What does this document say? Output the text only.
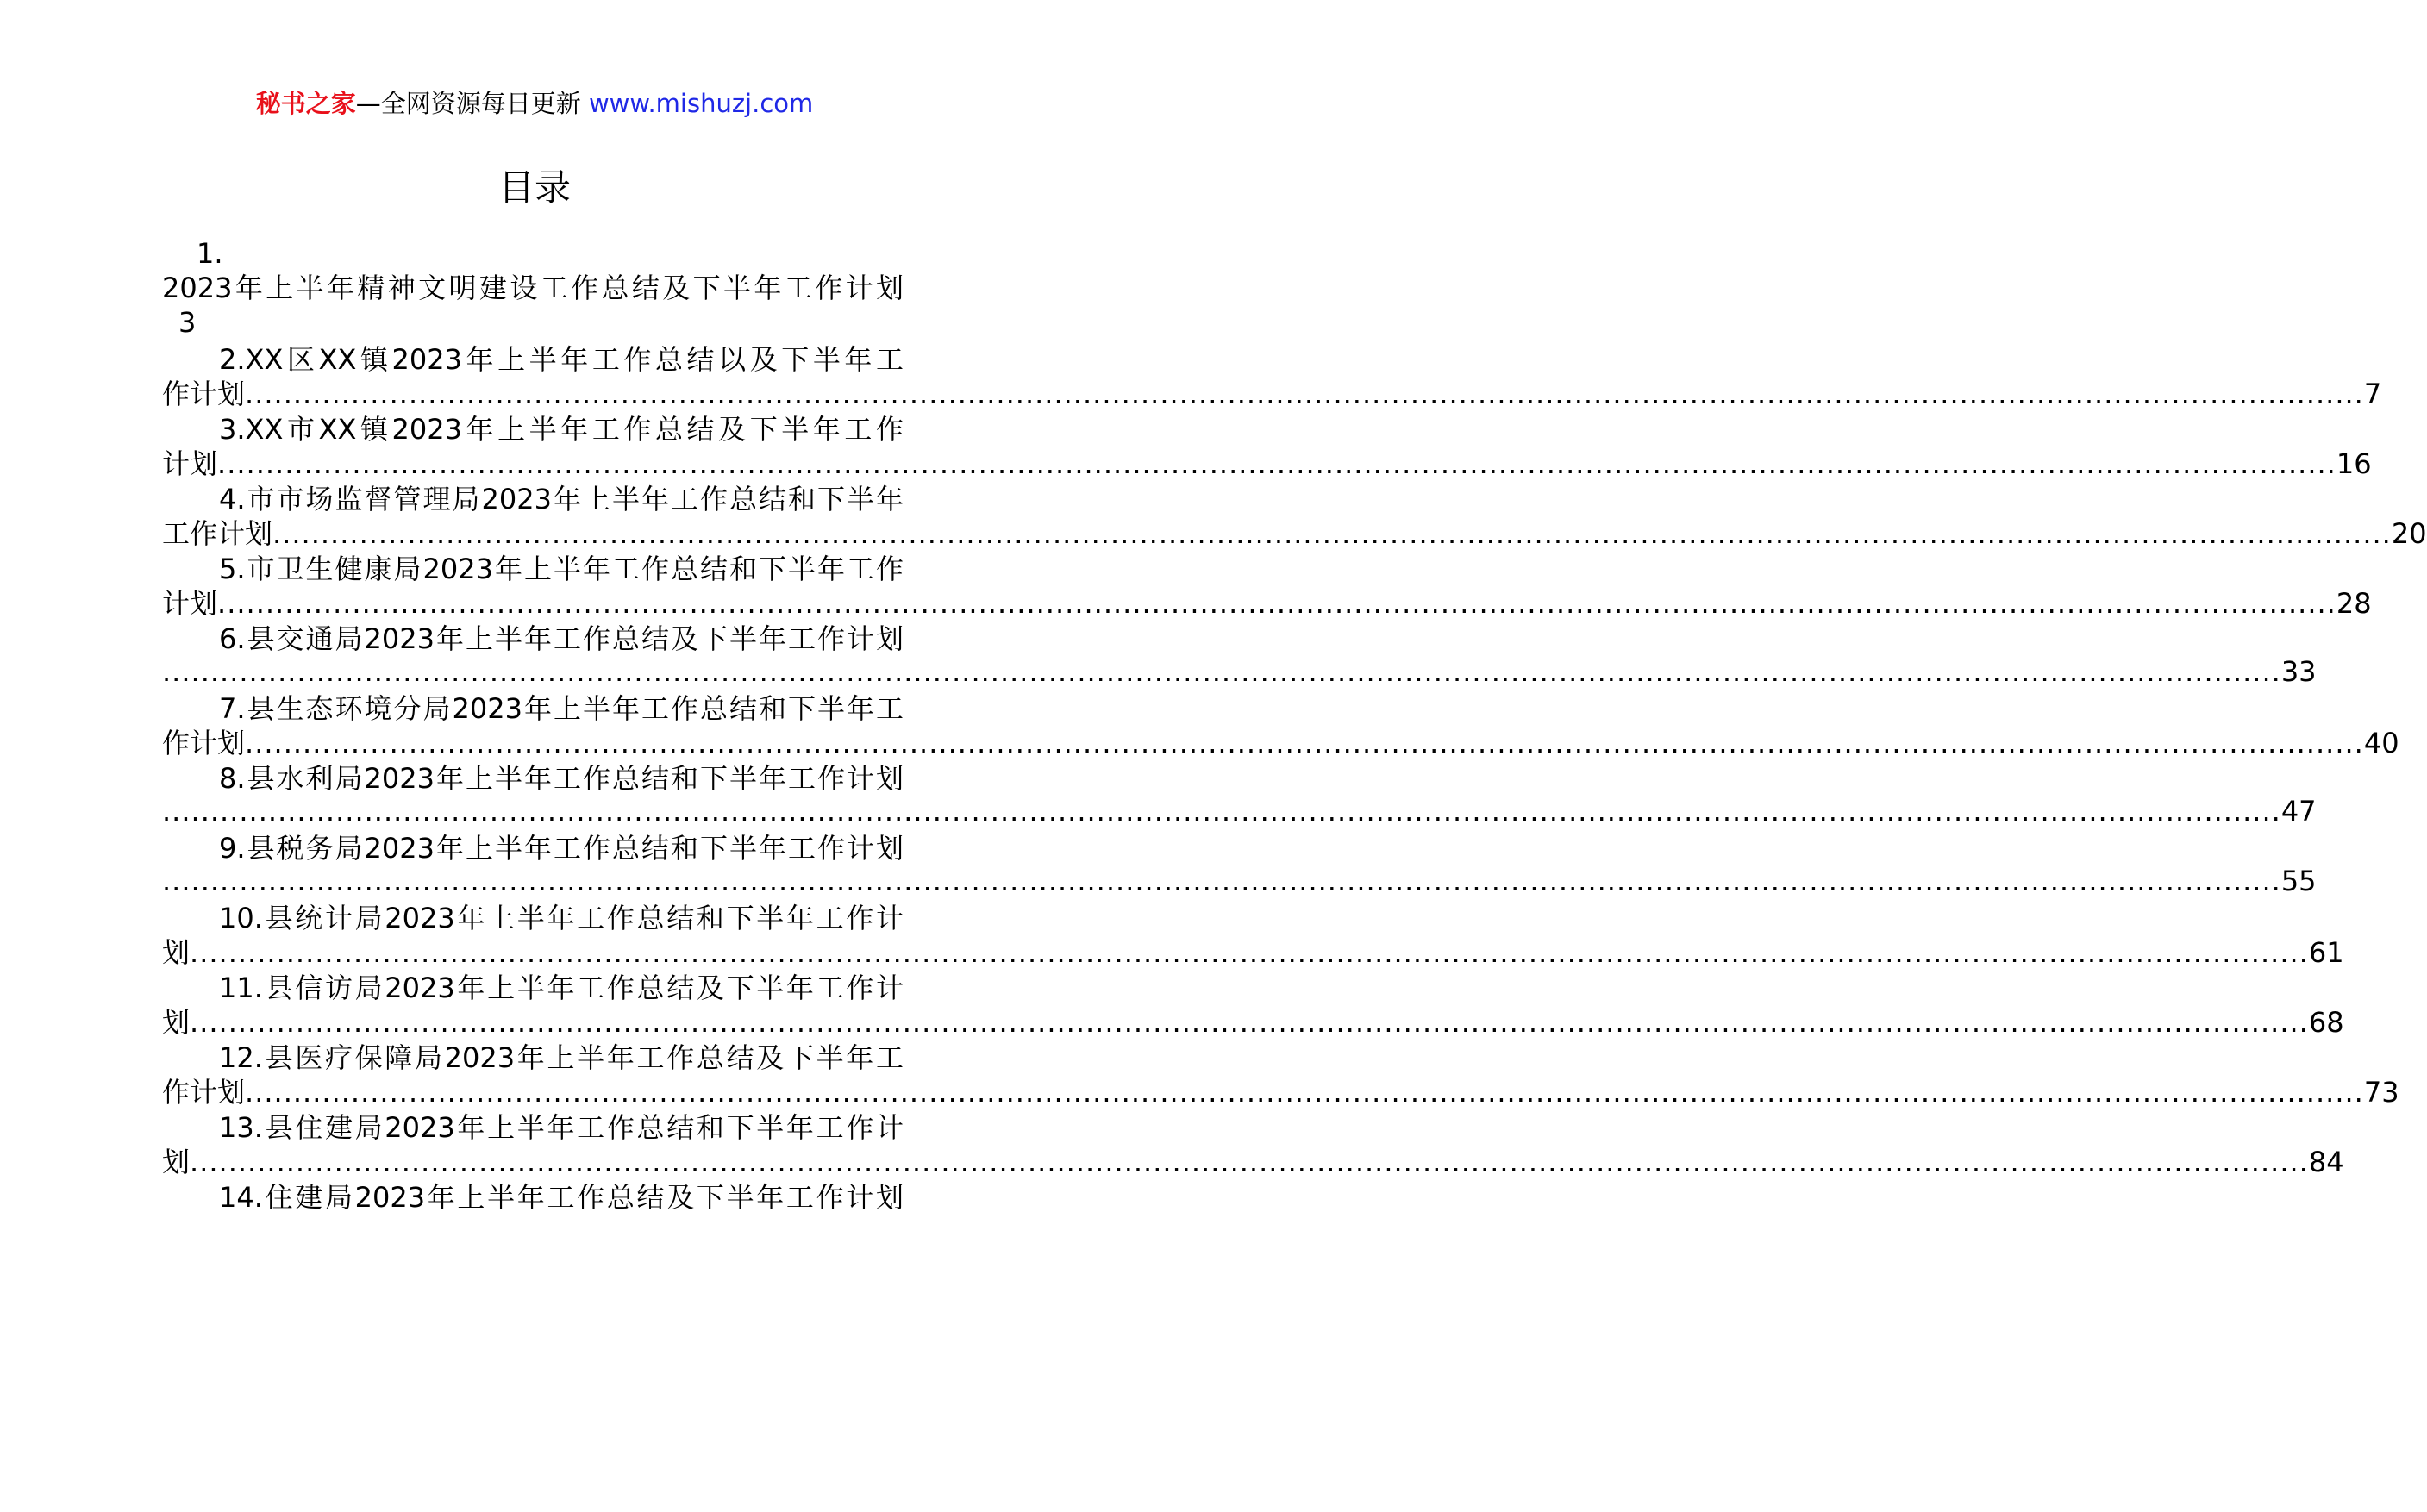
秘书之家—全网资源每日更新 www.mishuzj.com
目录
1.
2023年上半年精神文明建设工作总结及下半年工作计划
3
2.XX区XX镇2023年上半年工作总结以及下半年工
作计划 ............................................................................................................................................................................................................................ 7
3.XX市XX镇2023年上半年工作总结及下半年工作
计划 ............................................................................................................................................................................................................................ 16
4.市市场监督管理局2023年上半年工作总结和下半年
工作计划 ............................................................................................................................................................................................................................ 20
5.市卫生健康局2023年上半年工作总结和下半年工作
计划 ............................................................................................................................................................................................................................ 28
6.县交通局2023年上半年工作总结及下半年工作计划
............................................................................................................................................................................................................................ 33
7.县生态环境分局2023年上半年工作总结和下半年工
作计划 ............................................................................................................................................................................................................................ 40
8.县水利局2023年上半年工作总结和下半年工作计划
............................................................................................................................................................................................................................ 47
9.县税务局2023年上半年工作总结和下半年工作计划
............................................................................................................................................................................................................................ 55
10.县统计局2023年上半年工作总结和下半年工作计
划 ............................................................................................................................................................................................................................ 61
11.县信访局2023年上半年工作总结及下半年工作计
划 ............................................................................................................................................................................................................................ 68
12.县医疗保障局2023年上半年工作总结及下半年工
作计划 ............................................................................................................................................................................................................................ 73
13.县住建局2023年上半年工作总结和下半年工作计
划 ............................................................................................................................................................................................................................ 84
14.住建局2023年上半年工作总结及下半年工作计划
